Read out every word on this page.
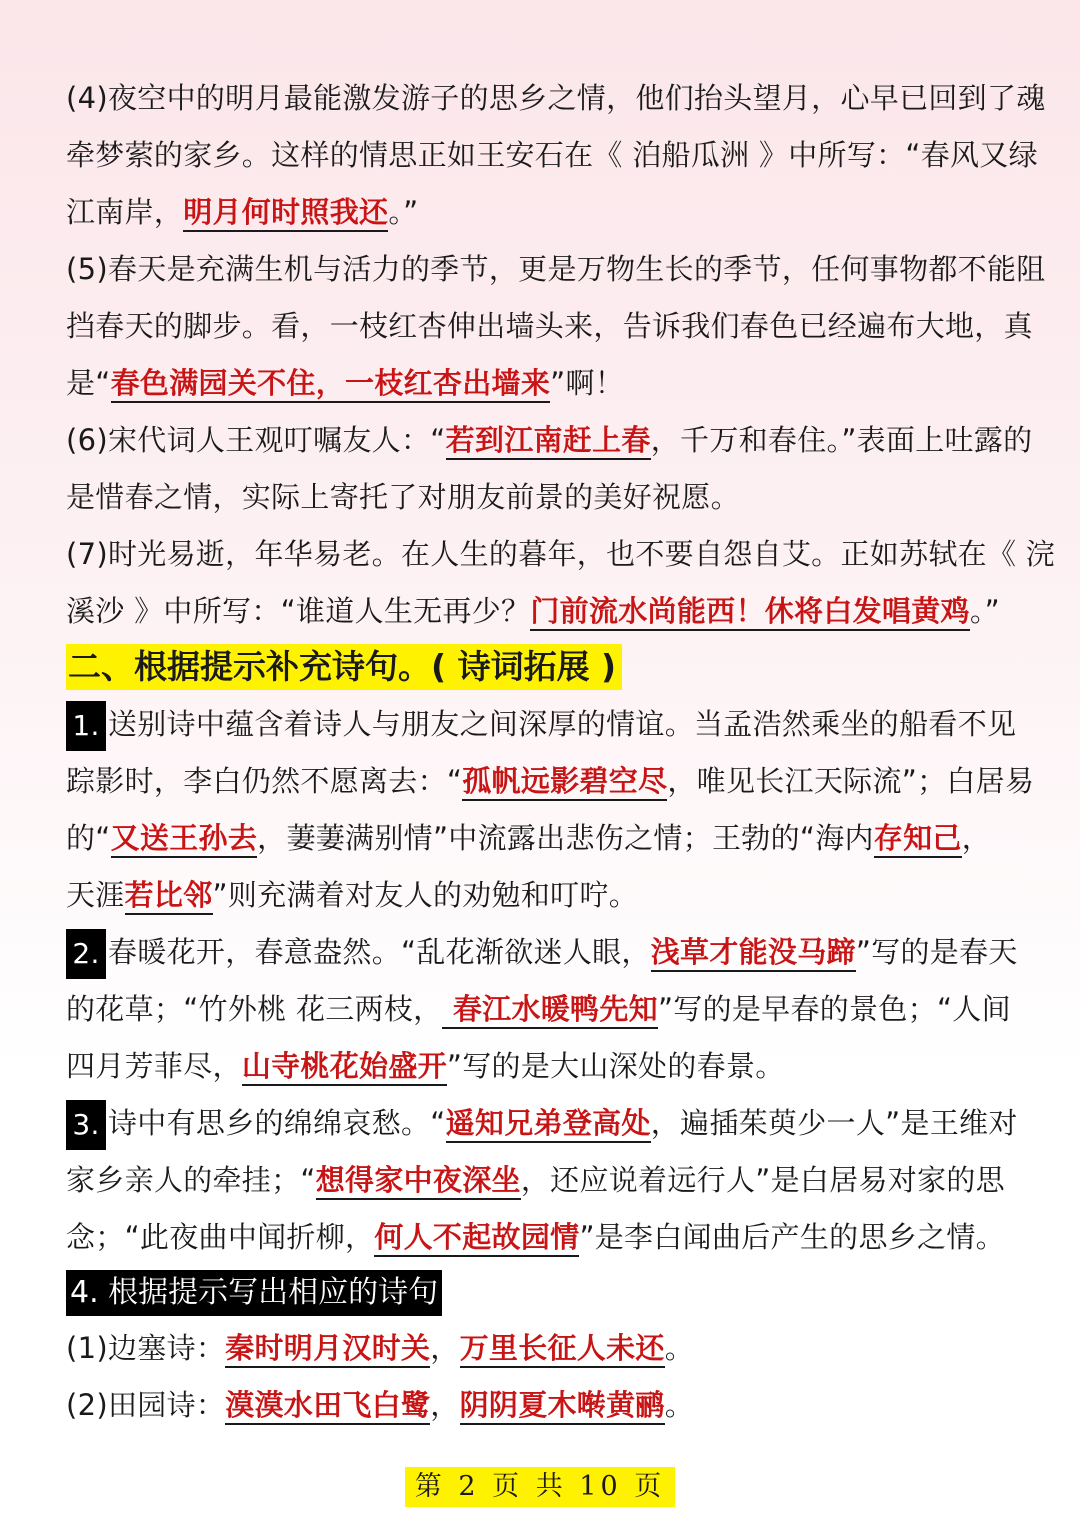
(4)夜空中的明月最能激发游子的思乡之情，他们抬头望月，心早已回到了魂
牵梦萦的家乡。这样的情思正如王安石在《 泊船瓜洲 》中所写：“春风又绿
江南岸，明月何时照我还。”
(5)春天是充满生机与活力的季节，更是万物生长的季节，任何事物都不能阻
挡春天的脚步。看，一枝红杏伸出墙头来，告诉我们春色已经遍布大地，真
是“春色满园关不住，一枝红杏出墙来”啊！
(6)宋代词人王观叮嘱友人：“若到江南赶上春，千万和春住。”表面上吐露的
是惜春之情，实际上寄托了对朋友前景的美好祝愿。
(7)时光易逝，年华易老。在人生的暮年，也不要自怨自艾。正如苏轼在《 浣
溪沙 》中所写：“谁道人生无再少？门前流水尚能西！休将白发唱黄鸡。”
二、根据提示补充诗句。( 诗词拓展 )
1. 送别诗中蕴含着诗人与朋友之间深厚的情谊。当孟浩然乘坐的船看不见
踪影时，李白仍然不愿离去：“孤帆远影碧空尽，唯见长江天际流”；白居易
的“又送王孙去，萋萋满别情”中流露出悲伤之情；王勃的“海内存知己，
天涯若比邻”则充满着对友人的劝勉和叮咛。
2. 春暖花开，春意盎然。“乱花渐欲迷人眼，浅草才能没马蹄”写的是春天
的花草；“竹外桃 花三两枝， 春江水暖鸭先知”写的是早春的景色；“人间
四月芳菲尽，山寺桃花始盛开”写的是大山深处的春景。
3. 诗中有思乡的绵绵哀愁。“遥知兄弟登高处，遍插茱萸少一人”是王维对
家乡亲人的牵挂；“想得家中夜深坐，还应说着远行人”是白居易对家的思
念；“此夜曲中闻折柳，何人不起故园情”是李白闻曲后产生的思乡之情。
4. 根据提示写出相应的诗句
(1)边塞诗：秦时明月汉时关，万里长征人未还。
(2)田园诗：漠漠水田飞白鹭，阴阴夏木啭黄鹂。
第 2 页 共 10 页
